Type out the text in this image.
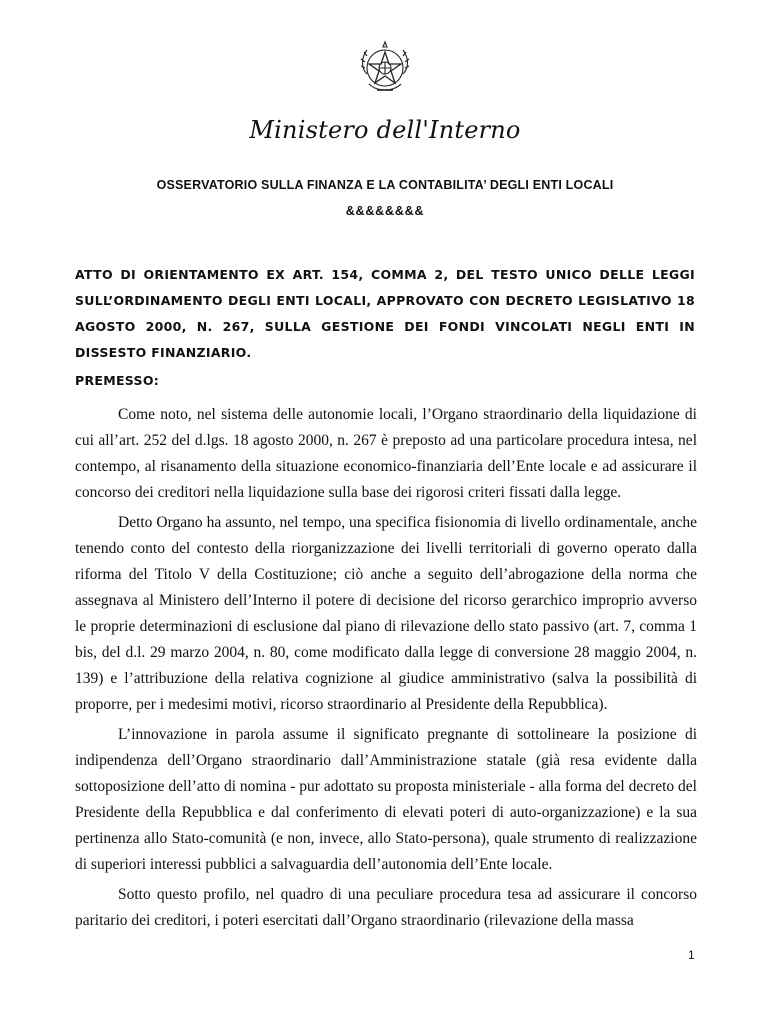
Ministero dell'Interno
OSSERVATORIO SULLA FINANZA E LA CONTABILITA’ DEGLI ENTI LOCALI
&&&&&&&&
ATTO DI ORIENTAMENTO EX ART. 154, COMMA 2, DEL TESTO UNICO DELLE LEGGI SULL’ORDINAMENTO DEGLI ENTI LOCALI, APPROVATO CON DECRETO LEGISLATIVO 18 AGOSTO 2000, N. 267, SULLA GESTIONE DEI FONDI VINCOLATI NEGLI ENTI IN DISSESTO FINANZIARIO.
PREMESSO:

Come noto, nel sistema delle autonomie locali, l’Organo straordinario della liquidazione di cui all’art. 252 del d.lgs. 18 agosto 2000, n. 267 è preposto ad una particolare procedura intesa, nel contempo, al risanamento della situazione economico-finanziaria dell’Ente locale e ad assicurare il concorso dei creditori nella liquidazione sulla base dei rigorosi criteri fissati dalla legge.

Detto Organo ha assunto, nel tempo, una specifica fisionomia di livello ordinamentale, anche tenendo conto del contesto della riorganizzazione dei livelli territoriali di governo operato dalla riforma del Titolo V della Costituzione; ciò anche a seguito dell’abrogazione della norma che assegnava al Ministero dell’Interno il potere di decisione del ricorso gerarchico improprio avverso le proprie determinazioni di esclusione dal piano di rilevazione dello stato passivo (art. 7, comma 1 bis, del d.l. 29 marzo 2004, n. 80, come modificato dalla legge di conversione 28 maggio 2004, n. 139) e l’attribuzione della relativa cognizione al giudice amministrativo (salva la possibilità di proporre, per i medesimi motivi, ricorso straordinario al Presidente della Repubblica).

L’innovazione in parola assume il significato pregnante di sottolineare la posizione di indipendenza dell’Organo straordinario dall’Amministrazione statale (già resa evidente dalla sottoposizione dell’atto di nomina - pur adottato su proposta ministeriale - alla forma del decreto del Presidente della Repubblica e dal conferimento di elevati poteri di auto-organizzazione) e la sua pertinenza allo Stato-comunità (e non, invece, allo Stato-persona), quale strumento di realizzazione di superiori interessi pubblici a salvaguardia dell’autonomia dell’Ente locale.

Sotto questo profilo, nel quadro di una peculiare procedura tesa ad assicurare il concorso paritario dei creditori, i poteri esercitati dall’Organo straordinario (rilevazione della massa

1
